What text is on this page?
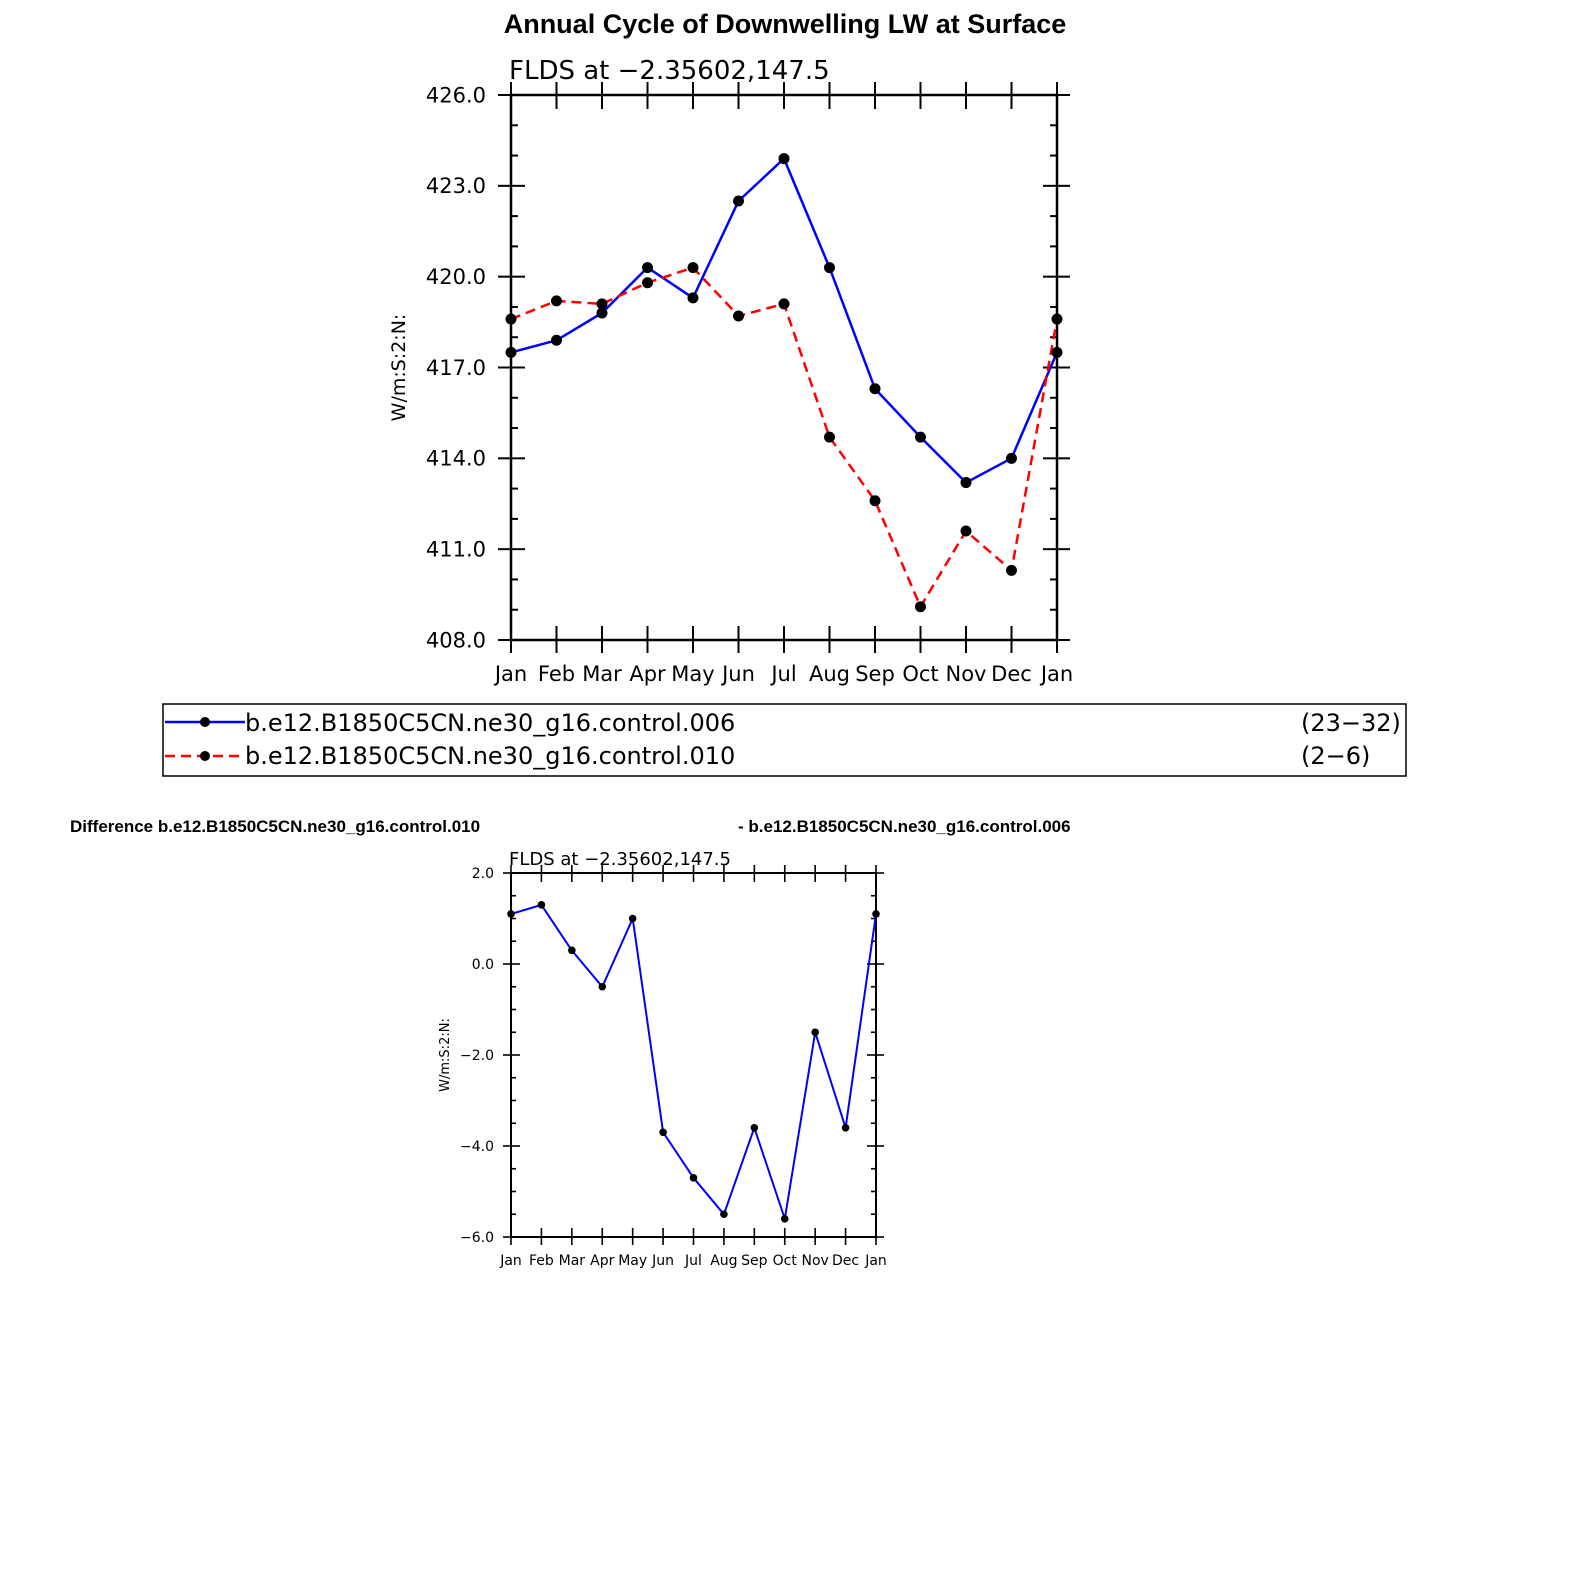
Annual Cycle of Downwelling LW at Surface
FLDS at −2.35602,147.5
W/m:S:2:N:
408.0
411.0
414.0
417.0
420.0
423.0
426.0
Jan Feb Mar Apr May Jun Jul Aug Sep Oct Nov Dec Jan
b.e12.B1850C5CN.ne30_g16.control.006	(23−32)
b.e12.B1850C5CN.ne30_g16.control.010	(2−6)
Difference b.e12.B1850C5CN.ne30_g16.control.010	- b.e12.B1850C5CN.ne30_g16.control.006
FLDS at −2.35602,147.5
W/m:S:2:N:
−6.0
−4.0
−2.0
0.0
2.0
Jan Feb Mar Apr May Jun Jul Aug Sep Oct Nov Dec Jan
